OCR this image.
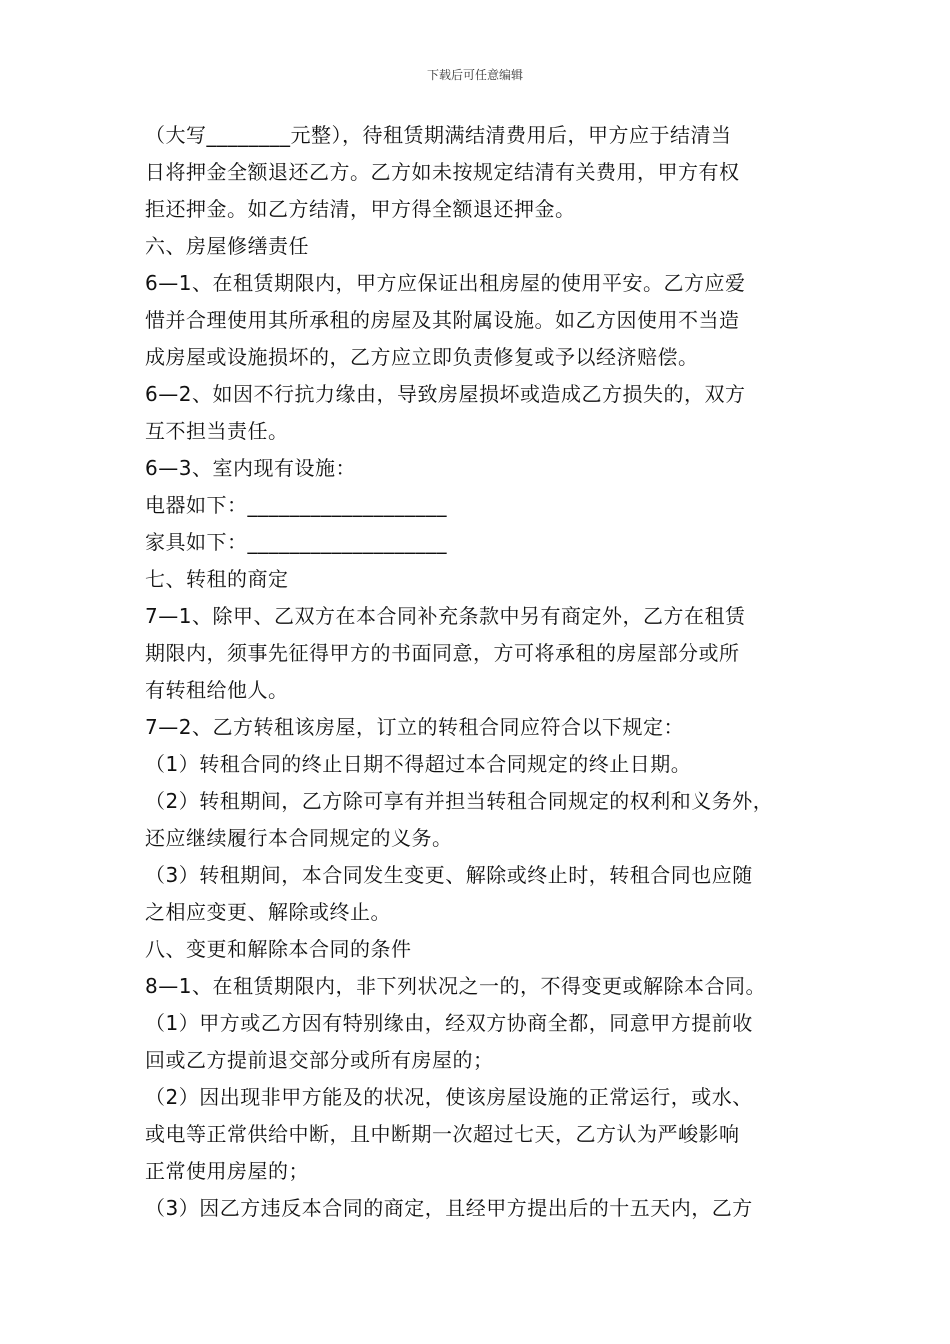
下载后可任意编辑
（大写________元整），待租赁期满结清费用后，甲方应于结清当
日将押金全额退还乙方。乙方如未按规定结清有关费用，甲方有权
拒还押金。如乙方结清，甲方得全额退还押金。
六、房屋修缮责任
6—1、在租赁期限内，甲方应保证出租房屋的使用平安。乙方应爱
惜并合理使用其所承租的房屋及其附属设施。如乙方因使用不当造
成房屋或设施损坏的，乙方应立即负责修复或予以经济赔偿。
6—2、如因不行抗力缘由，导致房屋损坏或造成乙方损失的，双方
互不担当责任。
6—3、室内现有设施：
电器如下：___________________
家具如下：___________________
七、转租的商定
7—1、除甲、乙双方在本合同补充条款中另有商定外，乙方在租赁
期限内，须事先征得甲方的书面同意，方可将承租的房屋部分或所
有转租给他人。
7—2、乙方转租该房屋，订立的转租合同应符合以下规定：
（1）转租合同的终止日期不得超过本合同规定的终止日期。
（2）转租期间，乙方除可享有并担当转租合同规定的权利和义务外，
还应继续履行本合同规定的义务。
（3）转租期间，本合同发生变更、解除或终止时，转租合同也应随
之相应变更、解除或终止。
八、变更和解除本合同的条件
8—1、在租赁期限内，非下列状况之一的，不得变更或解除本合同。
（1）甲方或乙方因有特别缘由，经双方协商全都，同意甲方提前收
回或乙方提前退交部分或所有房屋的；
（2）因出现非甲方能及的状况，使该房屋设施的正常运行，或水、
或电等正常供给中断，且中断期一次超过七天，乙方认为严峻影响
正常使用房屋的；
（3）因乙方违反本合同的商定，且经甲方提出后的十五天内，乙方
